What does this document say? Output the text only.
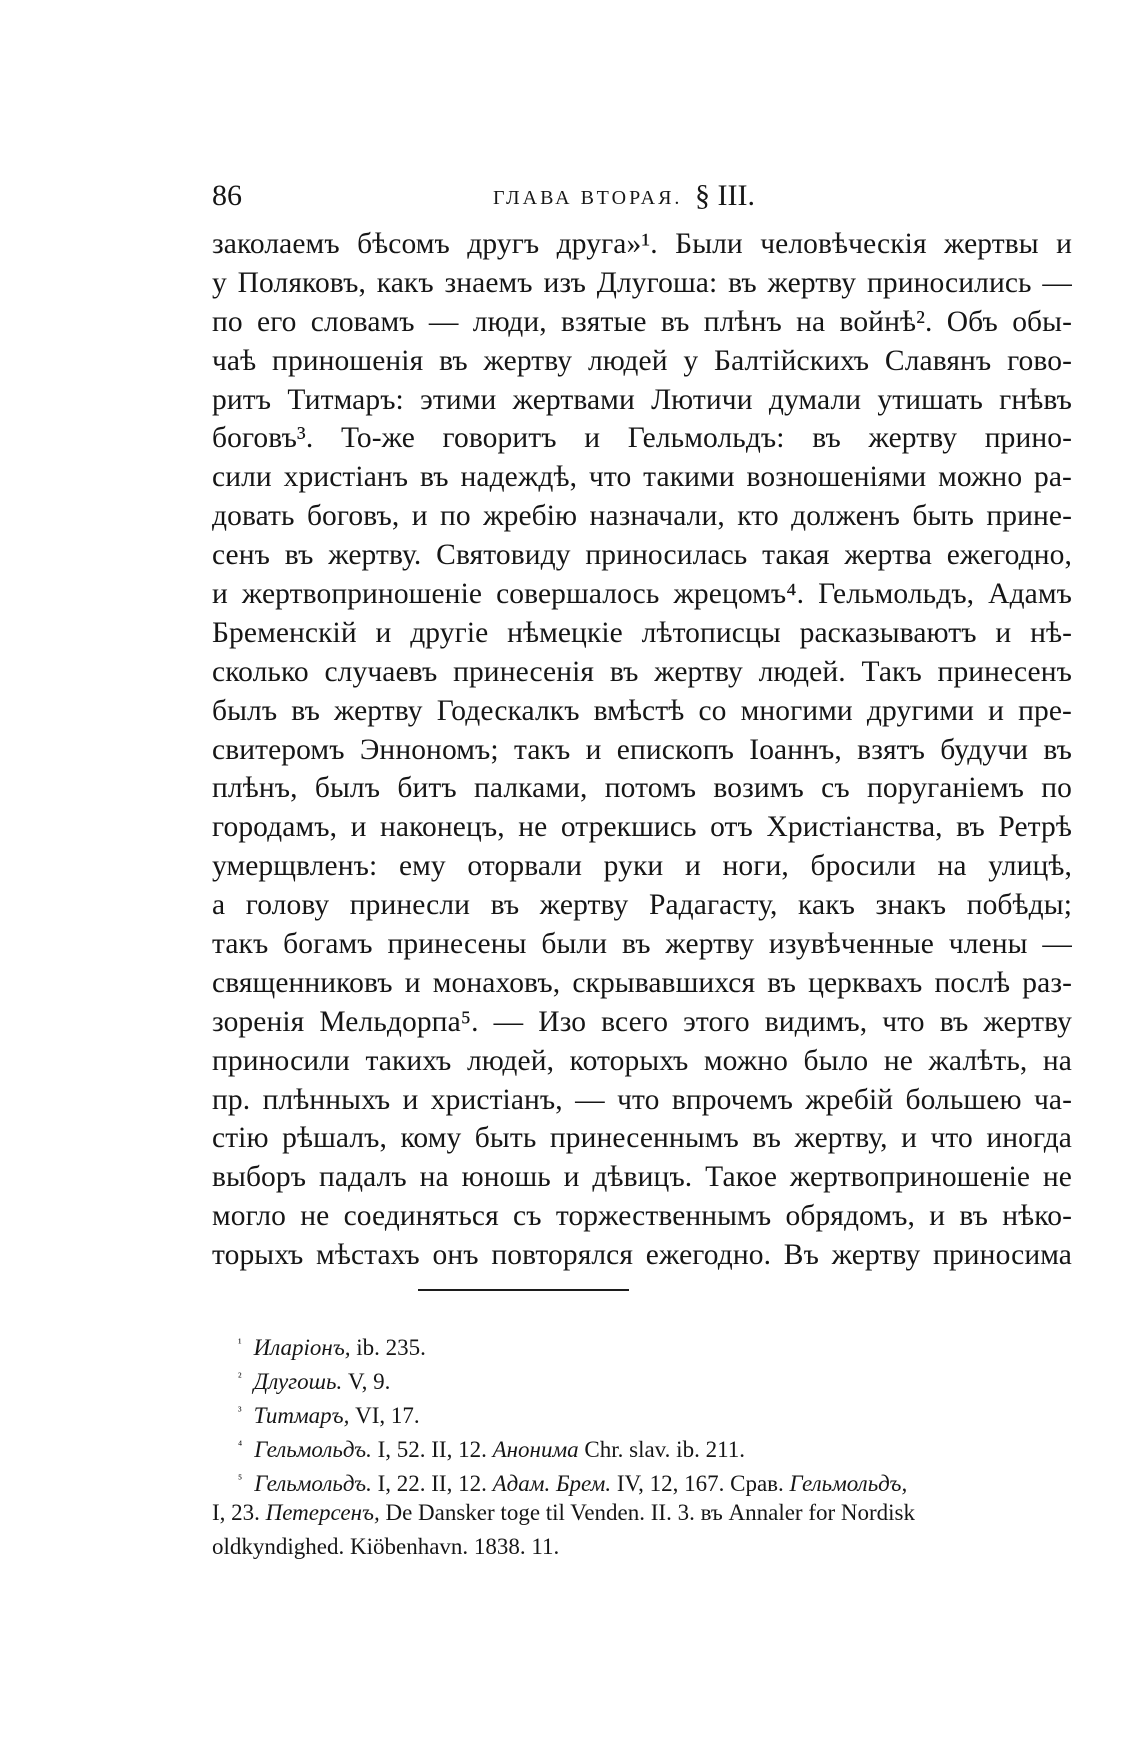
86	ГЛАВА ВТОРАЯ. § III.
заколаемъ бѣсомъ другъ друга»¹. Были человѣческія жертвы и
у Поляковъ, какъ знаемъ изъ Длугоша: въ жертву приносились —
по его словамъ — люди, взятые въ плѣнъ на войнѣ². Объ обы-
чаѣ приношенія въ жертву людей у Балтійскихъ Славянъ гово-
ритъ Титмаръ: этими жертвами Лютичи думали утишать гнѣвъ
боговъ³. То-же говоритъ и Гельмольдъ: въ жертву прино-
сили христіанъ въ надеждѣ, что такими возношеніями можно ра-
довать боговъ, и по жребію назначали, кто долженъ быть принe-
сенъ въ жертву. Святовиду приносилась такая жертва ежегодно,
и жертвоприношеніе совершалось жрецомъ⁴. Гельмольдъ, Адамъ
Бременскій и другіе нѣмецкіе лѣтописцы расказываютъ и нѣ-
сколько случаевъ принесенія въ жертву людей. Такъ принесенъ
былъ въ жертву Годескалкъ вмѣстѣ со многими другими и пре-
свитеромъ Эннономъ; такъ и епископъ Іоаннъ, взятъ будучи въ
плѣнъ, былъ битъ палками, потомъ возимъ съ поруганіемъ по
городамъ, и наконецъ, не отрекшись отъ Христіанства, въ Ретрѣ
умерщвленъ: ему оторвали руки и ноги, бросили на улицѣ,
а голову принесли въ жертву Радагасту, какъ знакъ побѣды;
такъ богамъ принесены были въ жертву изувѣченные члены —
священниковъ и монаховъ, скрывавшихся въ церквахъ послѣ раз-
зоренія Мельдорпа⁵. — Изо всего этого видимъ, что въ жертву
приносили такихъ людей, которыхъ можно было не жалѣть, на
пр. плѣнныхъ и христіанъ, — что впрочемъ жребій большею ча-
стію рѣшалъ, кому быть принесеннымъ въ жертву, и что иногда
выборъ падалъ на юношь и дѣвицъ. Такое жертвоприношеніе не
могло не соединяться съ торжественнымъ обрядомъ, и въ нѣко-
торыхъ мѣстахъ онъ повторялся ежегодно. Въ жертву приносима
$^{^1}$ Иларіонъ, ib. 235.
$^{^2}$ Длугошь. V, 9.
$^{^3}$ Титмаръ, VI, 17.
$^{^4}$ Гельмольдъ. I, 52. II, 12. Анонима Chr. slav. ib. 211.
$^{^5}$ Гельмольдъ. I, 22. II, 12. Адам. Брем. IV, 12, 167. Срав. Гельмольдъ,
I, 23. Петерсенъ, De Dansker toge til Venden. II. 3. въ Annaler for Nordisk
oldkyndighed. Kiöbenhavn. 1838. 11.
